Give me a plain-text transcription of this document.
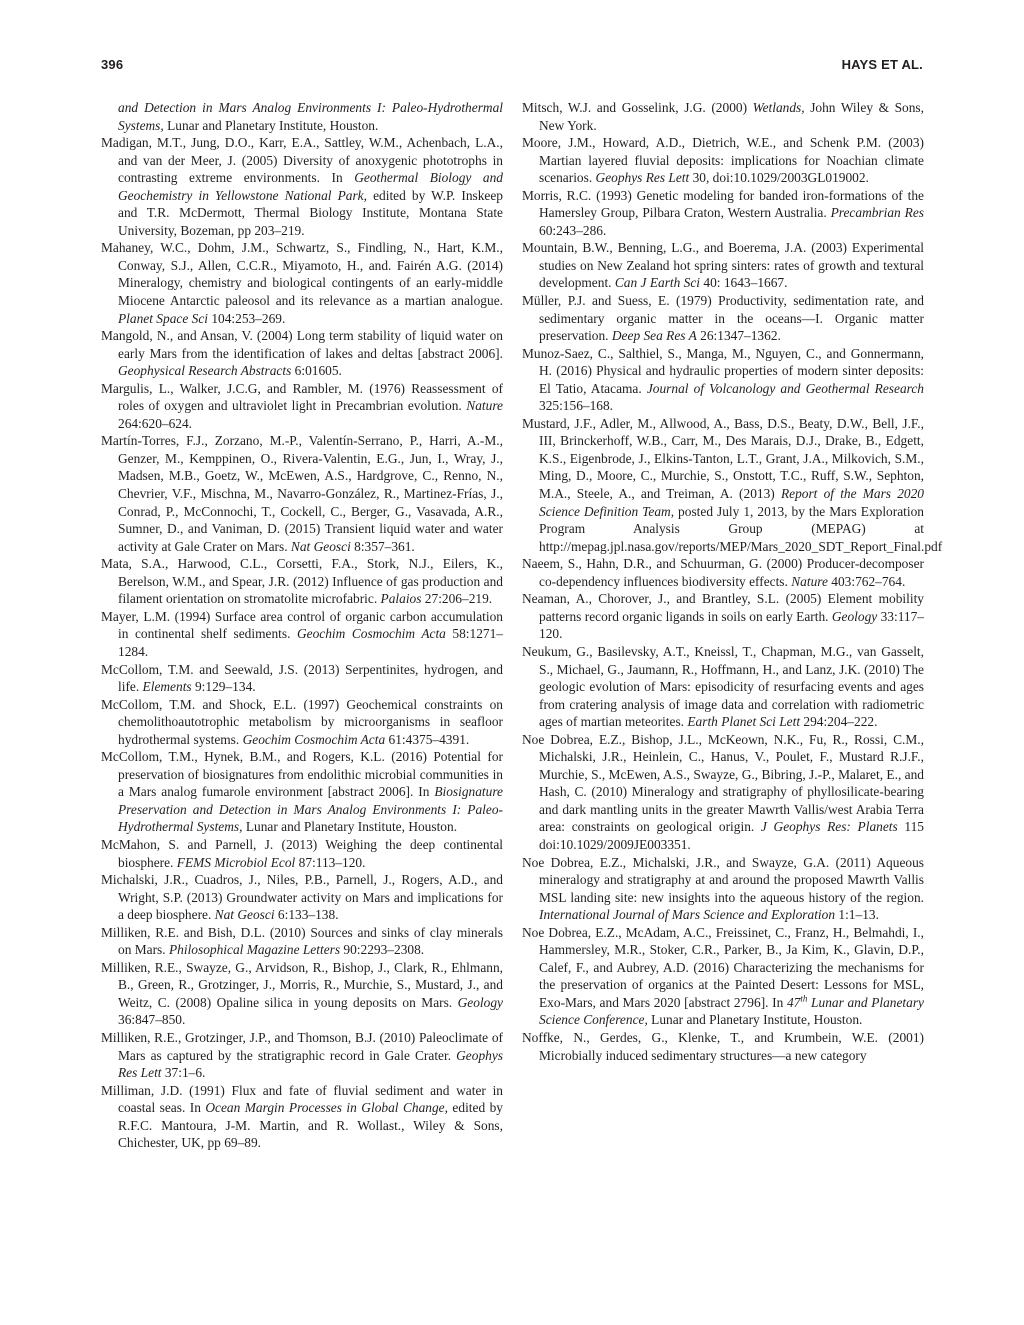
396	HAYS ET AL.

and Detection in Mars Analog Environments I: Paleo-Hydrothermal Systems, Lunar and Planetary Institute, Houston.

Madigan, M.T., Jung, D.O., Karr, E.A., Sattley, W.M., Achenbach, L.A., and van der Meer, J. (2005) Diversity of anoxygenic phototrophs in contrasting extreme environments. In Geothermal Biology and Geochemistry in Yellowstone National Park, edited by W.P. Inskeep and T.R. McDermott, Thermal Biology Institute, Montana State University, Bozeman, pp 203–219.

Mahaney, W.C., Dohm, J.M., Schwartz, S., Findling, N., Hart, K.M., Conway, S.J., Allen, C.C.R., Miyamoto, H., and. Fairén A.G. (2014) Mineralogy, chemistry and biological contingents of an early-middle Miocene Antarctic paleosol and its relevance as a martian analogue. Planet Space Sci 104:253–269.

Mangold, N., and Ansan, V. (2004) Long term stability of liquid water on early Mars from the identification of lakes and deltas [abstract 2006]. Geophysical Research Abstracts 6:01605.

Margulis, L., Walker, J.C.G, and Rambler, M. (1976) Reassessment of roles of oxygen and ultraviolet light in Precambrian evolution. Nature 264:620–624.

Martín-Torres, F.J., Zorzano, M.-P., Valentín-Serrano, P., Harri, A.-M., Genzer, M., Kemppinen, O., Rivera-Valentin, E.G., Jun, I., Wray, J., Madsen, M.B., Goetz, W., McEwen, A.S., Hardgrove, C., Renno, N., Chevrier, V.F., Mischna, M., Navarro-González, R., Martinez-Frías, J., Conrad, P., McConnochi, T., Cockell, C., Berger, G., Vasavada, A.R., Sumner, D., and Vaniman, D. (2015) Transient liquid water and water activity at Gale Crater on Mars. Nat Geosci 8:357–361.

Mata, S.A., Harwood, C.L., Corsetti, F.A., Stork, N.J., Eilers, K., Berelson, W.M., and Spear, J.R. (2012) Influence of gas production and filament orientation on stromatolite microfabric. Palaios 27:206–219.

Mayer, L.M. (1994) Surface area control of organic carbon accumulation in continental shelf sediments. Geochim Cosmochim Acta 58:1271–1284.

McCollom, T.M. and Seewald, J.S. (2013) Serpentinites, hydrogen, and life. Elements 9:129–134.

McCollom, T.M. and Shock, E.L. (1997) Geochemical constraints on chemolithoautotrophic metabolism by microorganisms in seafloor hydrothermal systems. Geochim Cosmochim Acta 61:4375–4391.

McCollom, T.M., Hynek, B.M., and Rogers, K.L. (2016) Potential for preservation of biosignatures from endolithic microbial communities in a Mars analog fumarole environment [abstract 2006]. In Biosignature Preservation and Detection in Mars Analog Environments I: Paleo-Hydrothermal Systems, Lunar and Planetary Institute, Houston.

McMahon, S. and Parnell, J. (2013) Weighing the deep continental biosphere. FEMS Microbiol Ecol 87:113–120.

Michalski, J.R., Cuadros, J., Niles, P.B., Parnell, J., Rogers, A.D., and Wright, S.P. (2013) Groundwater activity on Mars and implications for a deep biosphere. Nat Geosci 6:133–138.

Milliken, R.E. and Bish, D.L. (2010) Sources and sinks of clay minerals on Mars. Philosophical Magazine Letters 90:2293–2308.

Milliken, R.E., Swayze, G., Arvidson, R., Bishop, J., Clark, R., Ehlmann, B., Green, R., Grotzinger, J., Morris, R., Murchie, S., Mustard, J., and Weitz, C. (2008) Opaline silica in young deposits on Mars. Geology 36:847–850.

Milliken, R.E., Grotzinger, J.P., and Thomson, B.J. (2010) Paleoclimate of Mars as captured by the stratigraphic record in Gale Crater. Geophys Res Lett 37:1–6.

Milliman, J.D. (1991) Flux and fate of fluvial sediment and water in coastal seas. In Ocean Margin Processes in Global Change, edited by R.F.C. Mantoura, J-M. Martin, and R. Wollast., Wiley & Sons, Chichester, UK, pp 69–89.

Mitsch, W.J. and Gosselink, J.G. (2000) Wetlands, John Wiley & Sons, New York.

Moore, J.M., Howard, A.D., Dietrich, W.E., and Schenk P.M. (2003) Martian layered fluvial deposits: implications for Noachian climate scenarios. Geophys Res Lett 30, doi:10.1029/2003GL019002.

Morris, R.C. (1993) Genetic modeling for banded iron-formations of the Hamersley Group, Pilbara Craton, Western Australia. Precambrian Res 60:243–286.

Mountain, B.W., Benning, L.G., and Boerema, J.A. (2003) Experimental studies on New Zealand hot spring sinters: rates of growth and textural development. Can J Earth Sci 40: 1643–1667.

Müller, P.J. and Suess, E. (1979) Productivity, sedimentation rate, and sedimentary organic matter in the oceans—I. Organic matter preservation. Deep Sea Res A 26:1347–1362.

Munoz-Saez, C., Salthiel, S., Manga, M., Nguyen, C., and Gonnermann, H. (2016) Physical and hydraulic properties of modern sinter deposits: El Tatio, Atacama. Journal of Volcanology and Geothermal Research 325:156–168.

Mustard, J.F., Adler, M., Allwood, A., Bass, D.S., Beaty, D.W., Bell, J.F., III, Brinckerhoff, W.B., Carr, M., Des Marais, D.J., Drake, B., Edgett, K.S., Eigenbrode, J., Elkins-Tanton, L.T., Grant, J.A., Milkovich, S.M., Ming, D., Moore, C., Murchie, S., Onstott, T.C., Ruff, S.W., Sephton, M.A., Steele, A., and Treiman, A. (2013) Report of the Mars 2020 Science Definition Team, posted July 1, 2013, by the Mars Exploration Program Analysis Group (MEPAG) at http://mepag.jpl.nasa.gov/reports/MEP/Mars_2020_SDT_Report_Final.pdf

Naeem, S., Hahn, D.R., and Schuurman, G. (2000) Producer-decomposer co-dependency influences biodiversity effects. Nature 403:762–764.

Neaman, A., Chorover, J., and Brantley, S.L. (2005) Element mobility patterns record organic ligands in soils on early Earth. Geology 33:117–120.

Neukum, G., Basilevsky, A.T., Kneissl, T., Chapman, M.G., van Gasselt, S., Michael, G., Jaumann, R., Hoffmann, H., and Lanz, J.K. (2010) The geologic evolution of Mars: episodicity of resurfacing events and ages from cratering analysis of image data and correlation with radiometric ages of martian meteorites. Earth Planet Sci Lett 294:204–222.

Noe Dobrea, E.Z., Bishop, J.L., McKeown, N.K., Fu, R., Rossi, C.M., Michalski, J.R., Heinlein, C., Hanus, V., Poulet, F., Mustard R.J.F., Murchie, S., McEwen, A.S., Swayze, G., Bibring, J.-P., Malaret, E., and Hash, C. (2010) Mineralogy and stratigraphy of phyllosilicate-bearing and dark mantling units in the greater Mawrth Vallis/west Arabia Terra area: constraints on geological origin. J Geophys Res: Planets 115 doi:10.1029/2009JE003351.

Noe Dobrea, E.Z., Michalski, J.R., and Swayze, G.A. (2011) Aqueous mineralogy and stratigraphy at and around the proposed Mawrth Vallis MSL landing site: new insights into the aqueous history of the region. International Journal of Mars Science and Exploration 1:1–13.

Noe Dobrea, E.Z., McAdam, A.C., Freissinet, C., Franz, H., Belmahdi, I., Hammersley, M.R., Stoker, C.R., Parker, B., Ja Kim, K., Glavin, D.P., Calef, F., and Aubrey, A.D. (2016) Characterizing the mechanisms for the preservation of organics at the Painted Desert: Lessons for MSL, Exo-Mars, and Mars 2020 [abstract 2796]. In 47th Lunar and Planetary Science Conference, Lunar and Planetary Institute, Houston.

Noffke, N., Gerdes, G., Klenke, T., and Krumbein, W.E. (2001) Microbially induced sedimentary structures—a new category
